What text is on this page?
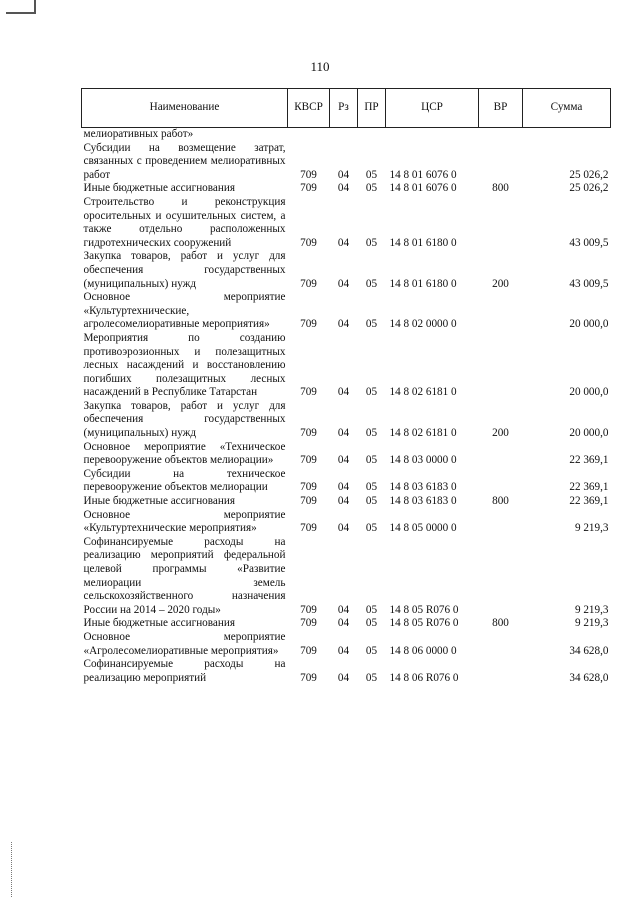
110
Наименование	КВСР	Рз	ПР	ЦСР	ВР	Сумма
мелиоративных работ»						
Субсидии на возмещение затрат, связанных с проведением мелиоративных работ	709	04	05	14 8 01 6076 0		25 026,2
Иные бюджетные ассигнования	709	04	05	14 8 01 6076 0	800	25 026,2
Строительство и реконструкция оросительных и осушительных систем, а также отдельно расположенных гидротехнических сооружений	709	04	05	14 8 01 6180 0		43 009,5
Закупка товаров, работ и услуг для обеспечения государственных (муниципальных) нужд	709	04	05	14 8 01 6180 0	200	43 009,5
Основное мероприятие «Культуртехнические, агролесомелиоративные мероприятия»	709	04	05	14 8 02 0000 0		20 000,0
Мероприятия по созданию противоэрозионных и полезащитных лесных насаждений и восстановлению погибших полезащитных лесных насаждений в Республике Татарстан	709	04	05	14 8 02 6181 0		20 000,0
Закупка товаров, работ и услуг для обеспечения государственных (муниципальных) нужд	709	04	05	14 8 02 6181 0	200	20 000,0
Основное мероприятие «Техническое перевооружение объектов мелиорации»	709	04	05	14 8 03 0000 0		22 369,1
Субсидии на техническое перевооружение объектов мелиорации	709	04	05	14 8 03 6183 0		22 369,1
Иные бюджетные ассигнования	709	04	05	14 8 03 6183 0	800	22 369,1
Основное мероприятие «Культуртехнические мероприятия»	709	04	05	14 8 05 0000 0		9 219,3
Софинансируемые расходы на реализацию мероприятий федеральной целевой программы «Развитие мелиорации земель сельскохозяйственного назначения России на 2014 – 2020 годы»	709	04	05	14 8 05 R076 0		9 219,3
Иные бюджетные ассигнования	709	04	05	14 8 05 R076 0	800	9 219,3
Основное мероприятие «Агролесомелиоративные мероприятия»	709	04	05	14 8 06 0000 0		34 628,0
Софинансируемые расходы на реализацию мероприятий	709	04	05	14 8 06 R076 0		34 628,0
